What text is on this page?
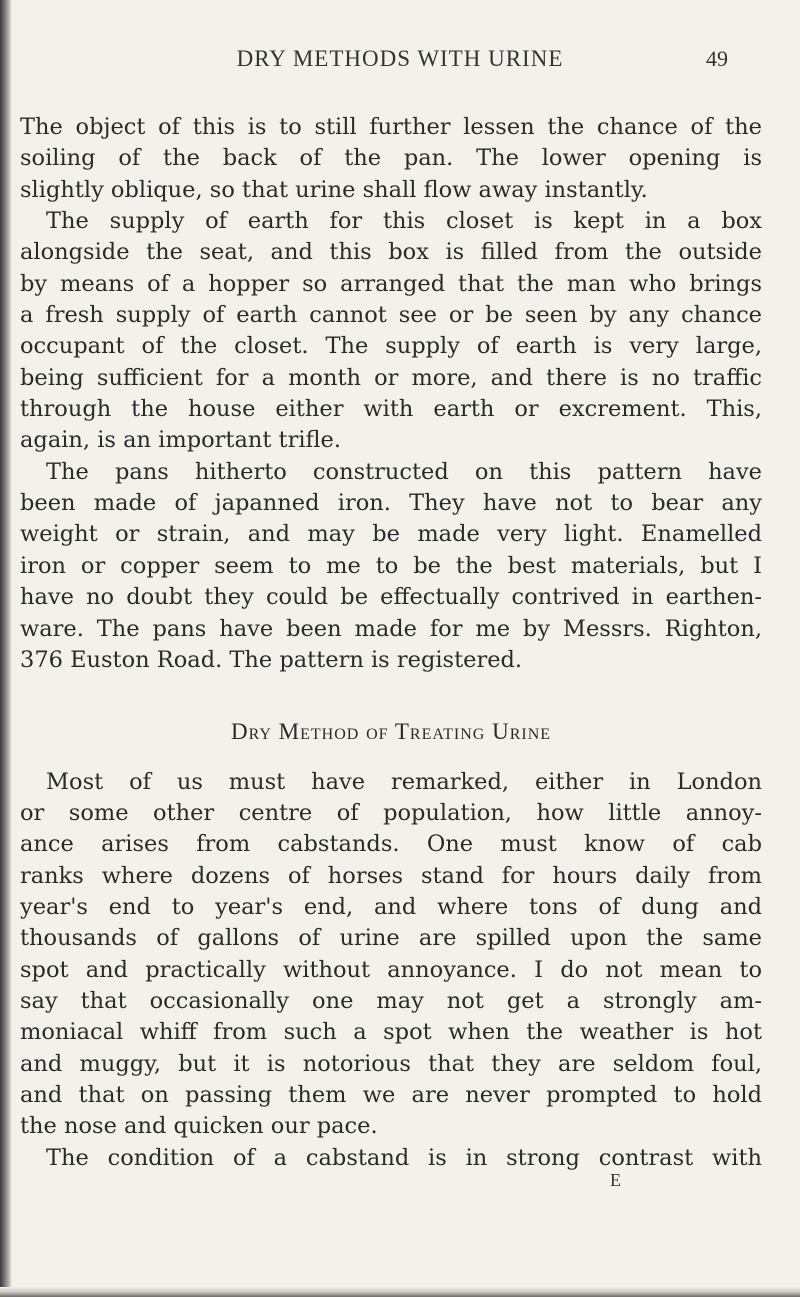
DRY METHODS WITH URINE	49
The object of this is to still further lessen the chance of the
soiling of the back of the pan. The lower opening is
slightly oblique, so that urine shall flow away instantly.
The supply of earth for this closet is kept in a box
alongside the seat, and this box is filled from the outside
by means of a hopper so arranged that the man who brings
a fresh supply of earth cannot see or be seen by any chance
occupant of the closet. The supply of earth is very large,
being sufficient for a month or more, and there is no traffic
through the house either with earth or excrement. This,
again, is an important trifle.
The pans hitherto constructed on this pattern have
been made of japanned iron. They have not to bear any
weight or strain, and may be made very light. Enamelled
iron or copper seem to me to be the best materials, but I
have no doubt they could be effectually contrived in earthen-
ware. The pans have been made for me by Messrs. Righton,
376 Euston Road. The pattern is registered.
Dry Method of Treating Urine
Most of us must have remarked, either in London
or some other centre of population, how little annoy-
ance arises from cabstands. One must know of cab
ranks where dozens of horses stand for hours daily from
year's end to year's end, and where tons of dung and
thousands of gallons of urine are spilled upon the same
spot and practically without annoyance. I do not mean to
say that occasionally one may not get a strongly am-
moniacal whiff from such a spot when the weather is hot
and muggy, but it is notorious that they are seldom foul,
and that on passing them we are never prompted to hold
the nose and quicken our pace.
The condition of a cabstand is in strong contrast with
E
